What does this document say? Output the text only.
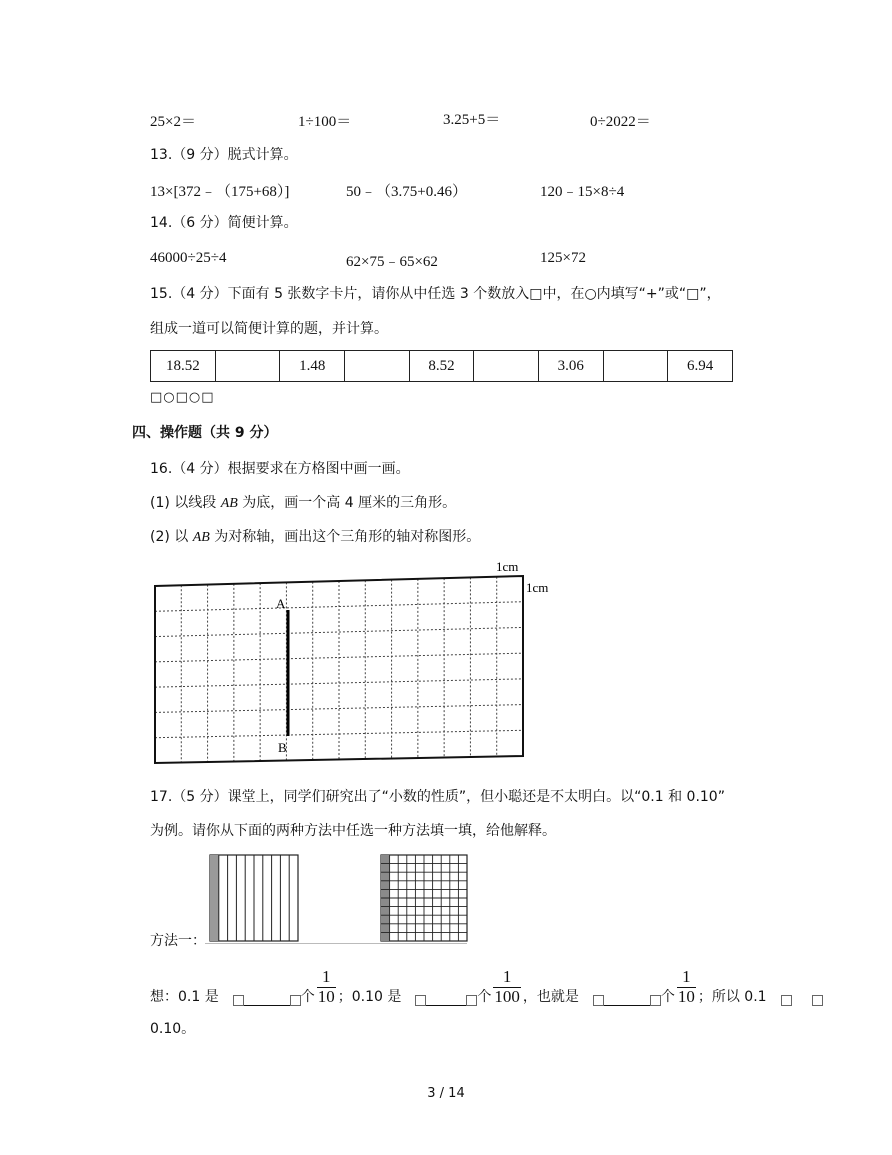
25×2＝	1÷100＝	3.25+5＝	0÷2022＝
13.（9 分）脱式计算。
13×[372﹣（175+68）]	50﹣（3.75+0.46）	120﹣15×8÷4
14.（6 分）简便计算。
46000÷25÷4	62×75﹣65×62	125×72
15.（4 分）下面有 5 张数字卡片，请你从中任选 3 个数放入□中，在○内填写“+”或“□”，
组成一道可以简便计算的题，并计算。
18.52		1.48		8.52		3.06		6.94
□○□○□
四、操作题（共 9 分）
16.（4 分）根据要求在方格图中画一画。
(1) 以线段 AB 为底，画一个高 4 厘米的三角形。
(2) 以 AB 为对称轴，画出这个三角形的轴对称图形。
A
B
1cm
1cm
17.（5 分）课堂上，同学们研究出了“小数的性质”，但小聪还是不太明白。以“0.1 和 0.10”
为例。请你从下面的两种方法中任选一种方法填一填，给他解释。
方法一：
想：0.1 是	个 $\frac{1}{10}$ ；0.10 是	个 $\frac{1}{100}$ ，也就是	个 $\frac{1}{10}$ ；所以 0.1
0.10。
3 / 14
